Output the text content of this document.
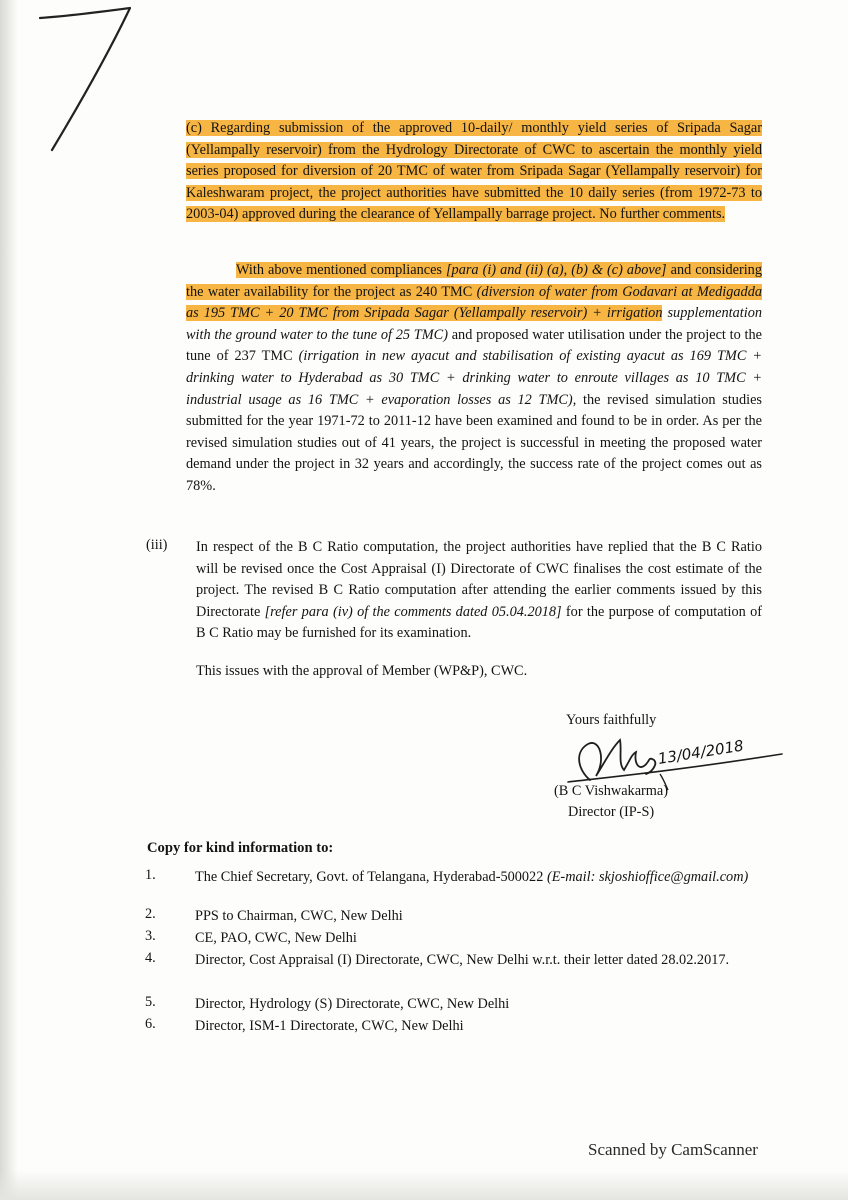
(c) Regarding submission of the approved 10-daily/ monthly yield series of Sripada Sagar (Yellampally reservoir) from the Hydrology Directorate of CWC to ascertain the monthly yield series proposed for diversion of 20 TMC of water from Sripada Sagar (Yellampally reservoir) for Kaleshwaram project, the project authorities have submitted the 10 daily series (from 1972-73 to 2003-04) approved during the clearance of Yellampally barrage project. No further comments.

With above mentioned compliances [para (i) and (ii) (a), (b) & (c) above] and considering the water availability for the project as 240 TMC (diversion of water from Godavari at Medigadda as 195 TMC + 20 TMC from Sripada Sagar (Yellampally reservoir) + irrigation supplementation with the ground water to the tune of 25 TMC) and proposed water utilisation under the project to the tune of 237 TMC (irrigation in new ayacut and stabilisation of existing ayacut as 169 TMC + drinking water to Hyderabad as 30 TMC + drinking water to enroute villages as 10 TMC + industrial usage as 16 TMC + evaporation losses as 12 TMC), the revised simulation studies submitted for the year 1971-72 to 2011-12 have been examined and found to be in order. As per the revised simulation studies out of 41 years, the project is successful in meeting the proposed water demand under the project in 32 years and accordingly, the success rate of the project comes out as 78%.

(iii) In respect of the B C Ratio computation, the project authorities have replied that the B C Ratio will be revised once the Cost Appraisal (I) Directorate of CWC finalises the cost estimate of the project. The revised B C Ratio computation after attending the earlier comments issued by this Directorate [refer para (iv) of the comments dated 05.04.2018] for the purpose of computation of B C Ratio may be furnished for its examination.

This issues with the approval of Member (WP&P), CWC.

Yours faithfully
13/04/2018
(B C Vishwakarma)
Director (IP-S)

Copy for kind information to:

1.	The Chief Secretary, Govt. of Telangana, Hyderabad-500022 (E-mail: skjoshioffice@gmail.com)
2.	PPS to Chairman, CWC, New Delhi
3.	CE, PAO, CWC, New Delhi
4.	Director, Cost Appraisal (I) Directorate, CWC, New Delhi w.r.t. their letter dated 28.02.2017.
5.	Director, Hydrology (S) Directorate, CWC, New Delhi
6.	Director, ISM-1 Directorate, CWC, New Delhi

Scanned by CamScanner
